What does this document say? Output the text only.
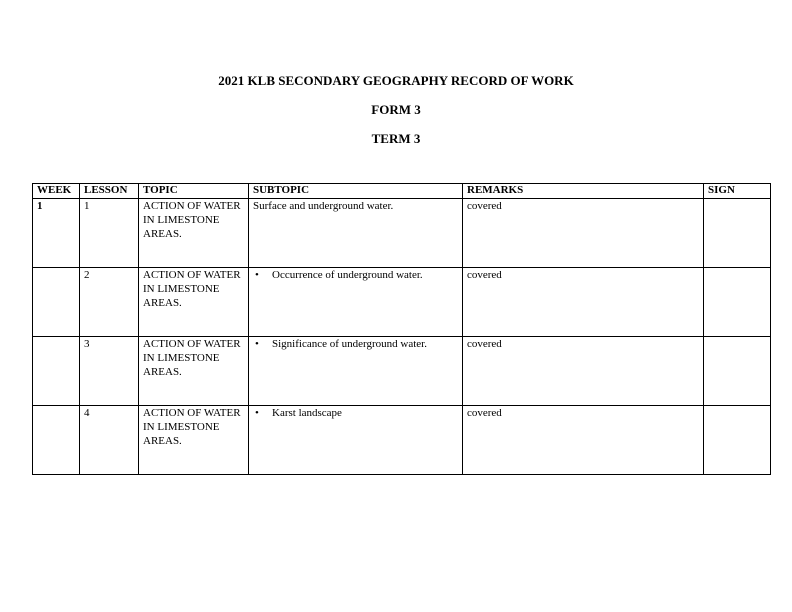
2021 KLB SECONDARY GEOGRAPHY RECORD OF WORK
FORM 3
TERM 3
WEEK	LESSON	TOPIC	SUBTOPIC	REMARKS	SIGN
1	1	ACTION OF WATER IN LIMESTONE AREAS.	Surface and underground water.	covered	
	2	ACTION OF WATER IN LIMESTONE AREAS.	• Occurrence of underground water.	covered	
	3	ACTION OF WATER IN LIMESTONE AREAS.	• Significance of underground water.	covered	
	4	ACTION OF WATER IN LIMESTONE AREAS.	• Karst landscape	covered	
